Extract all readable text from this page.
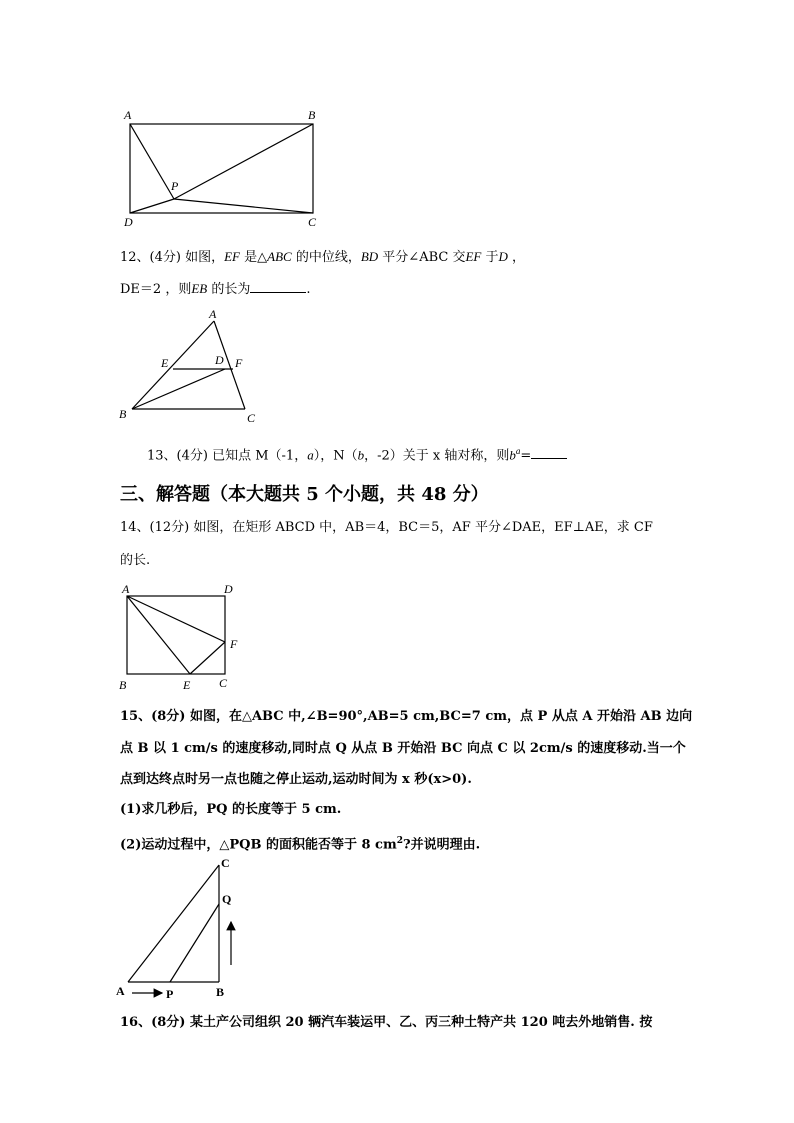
A	B
P
D	C
12、(4分) 如图，EF 是△ABC 的中位线，BD 平分∠ABC 交EF 于D ，
DE＝2 ，则EB 的长为	.
A
E	D F
B	C
13、(4分) 已知点 M（-1，a），N（b，-2）关于 x 轴对称，则$b^a=$
三、解答题（本大题共 5 个小题，共 48 分）
14、(12分) 如图，在矩形 ABCD 中，AB＝4，BC＝5，AF 平分∠DAE，EF⊥AE，求 CF
的长.
A	D
F
B	E C
15、(8分) 如图，在△ABC 中,∠B=90°,AB=5 cm,BC=7 cm，点 P 从点 A 开始沿 AB 边向
点 B 以 1 cm/s 的速度移动,同时点 Q 从点 B 开始沿 BC 向点 C 以 2cm/s 的速度移动.当一个
点到达终点时另一点也随之停止运动,运动时间为 x 秒(x>0).
(1)求几秒后，PQ 的长度等于 5 cm.
(2)运动过程中，△PQB 的面积能否等于 8 $cm^2$?并说明理由.
C
Q
A	P	B
16、(8分) 某土产公司组织 20 辆汽车装运甲、乙、丙三种土特产共 120 吨去外地销售. 按
